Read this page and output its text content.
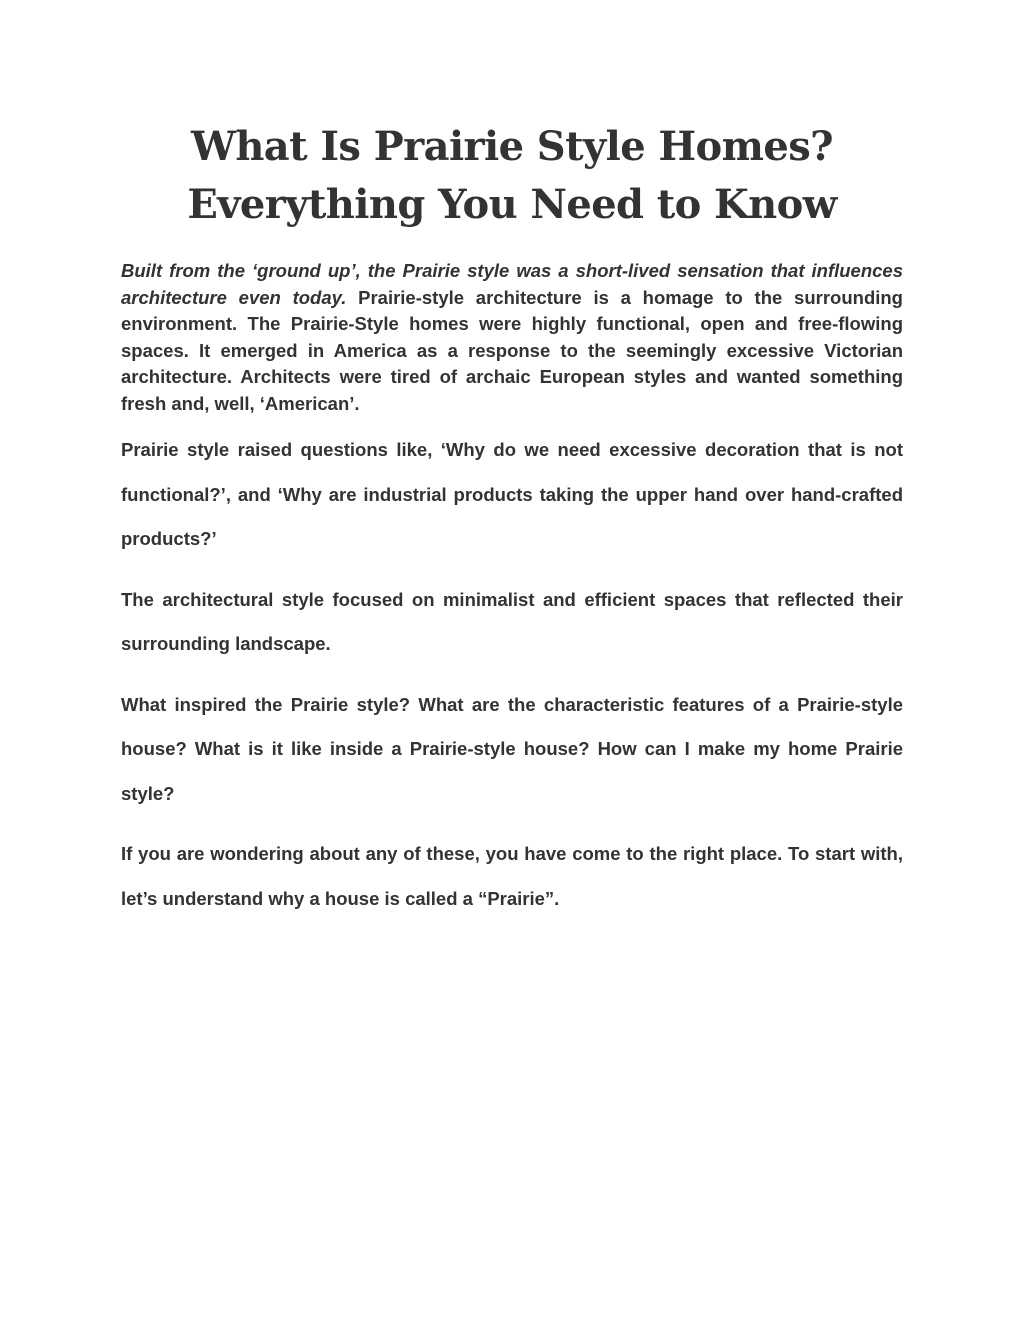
What Is Prairie Style Homes?
Everything You Need to Know

Built from the ‘ground up’, the Prairie style was a short-lived sensation that influences architecture even today. Prairie-style architecture is a homage to the surrounding environment. The Prairie-Style homes were highly functional, open and free-flowing spaces. It emerged in America as a response to the seemingly excessive Victorian architecture. Architects were tired of archaic European styles and wanted something fresh and, well, ‘American’.

Prairie style raised questions like, ‘Why do we need excessive decoration that is not functional?’, and ‘Why are industrial products taking the upper hand over hand-crafted products?’

The architectural style focused on minimalist and efficient spaces that reflected their surrounding landscape.

What inspired the Prairie style? What are the characteristic features of a Prairie-style house? What is it like inside a Prairie-style house? How can I make my home Prairie style?

If you are wondering about any of these, you have come to the right place. To start with, let’s understand why a house is called a “Prairie”.
